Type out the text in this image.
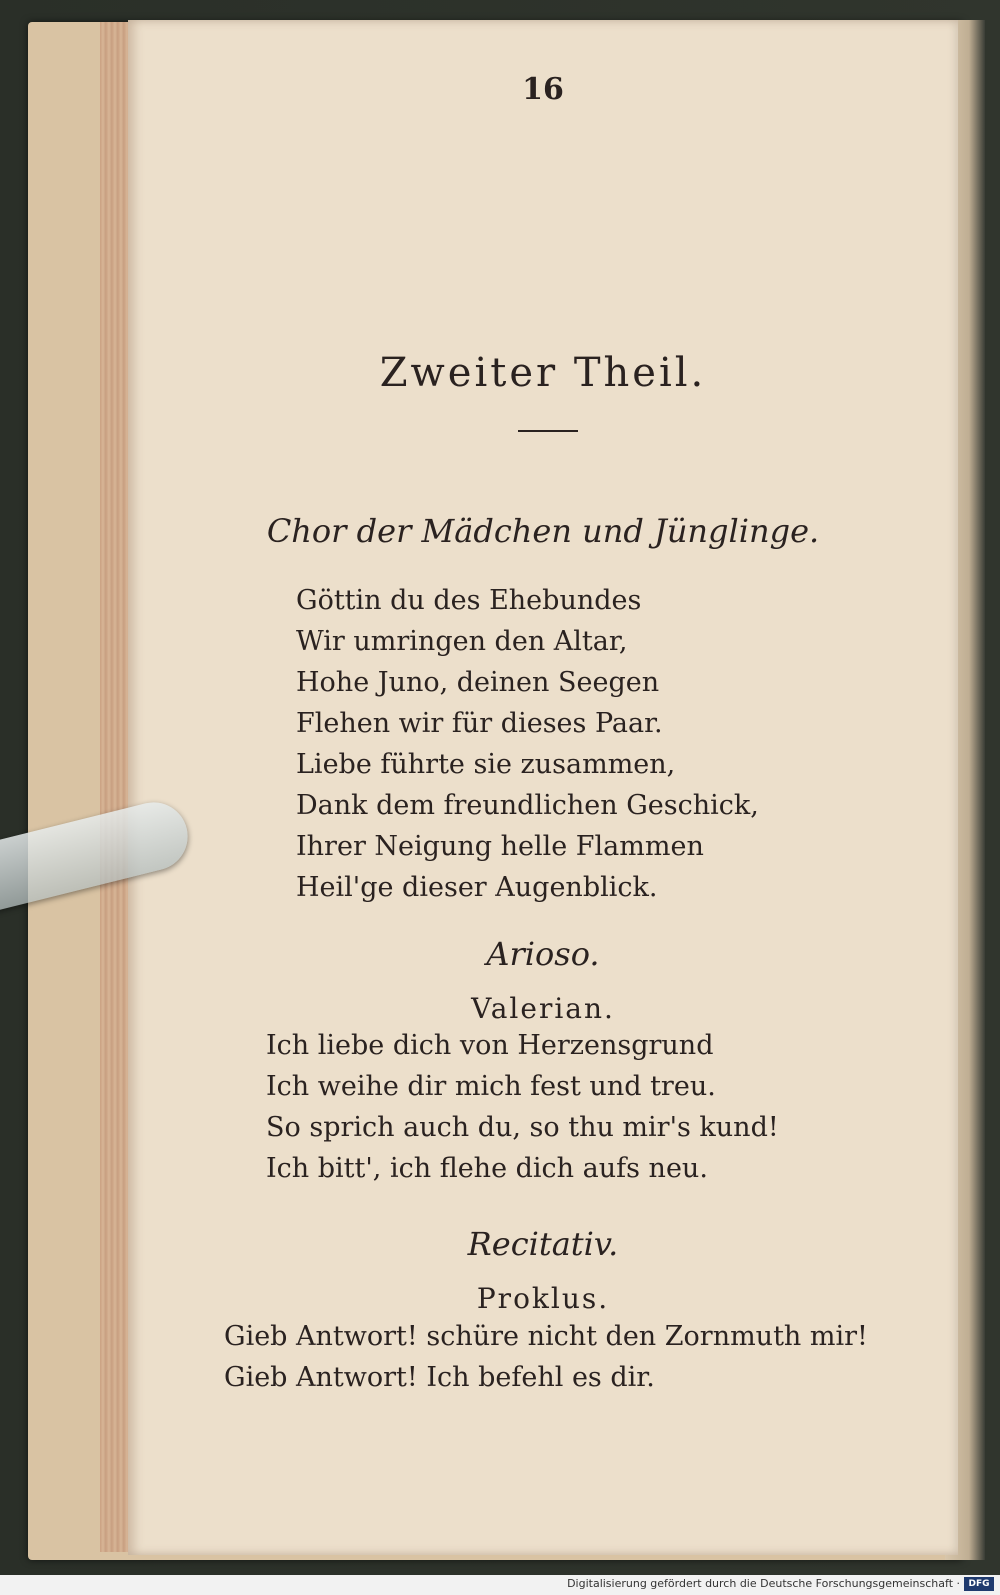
16
Zweiter Theil.
Chor der Mädchen und Jünglinge.
Göttin du des Ehebundes
Wir umringen den Altar,
Hohe Juno, deinen Seegen
Flehen wir für dieses Paar.
Liebe führte sie zusammen,
Dank dem freundlichen Geschick,
Ihrer Neigung helle Flammen
Heil'ge dieser Augenblick.
Arioso.
Valerian.
Ich liebe dich von Herzensgrund
Ich weihe dir mich fest und treu.
So sprich auch du, so thu mir's kund!
Ich bitt', ich flehe dich aufs neu.
Recitativ.
Proklus.
Gieb Antwort! schüre nicht den Zornmuth mir!
Gieb Antwort! Ich befehl es dir.
Digitalisierung gefördert durch die Deutsche Forschungsgemeinschaft · DFG
